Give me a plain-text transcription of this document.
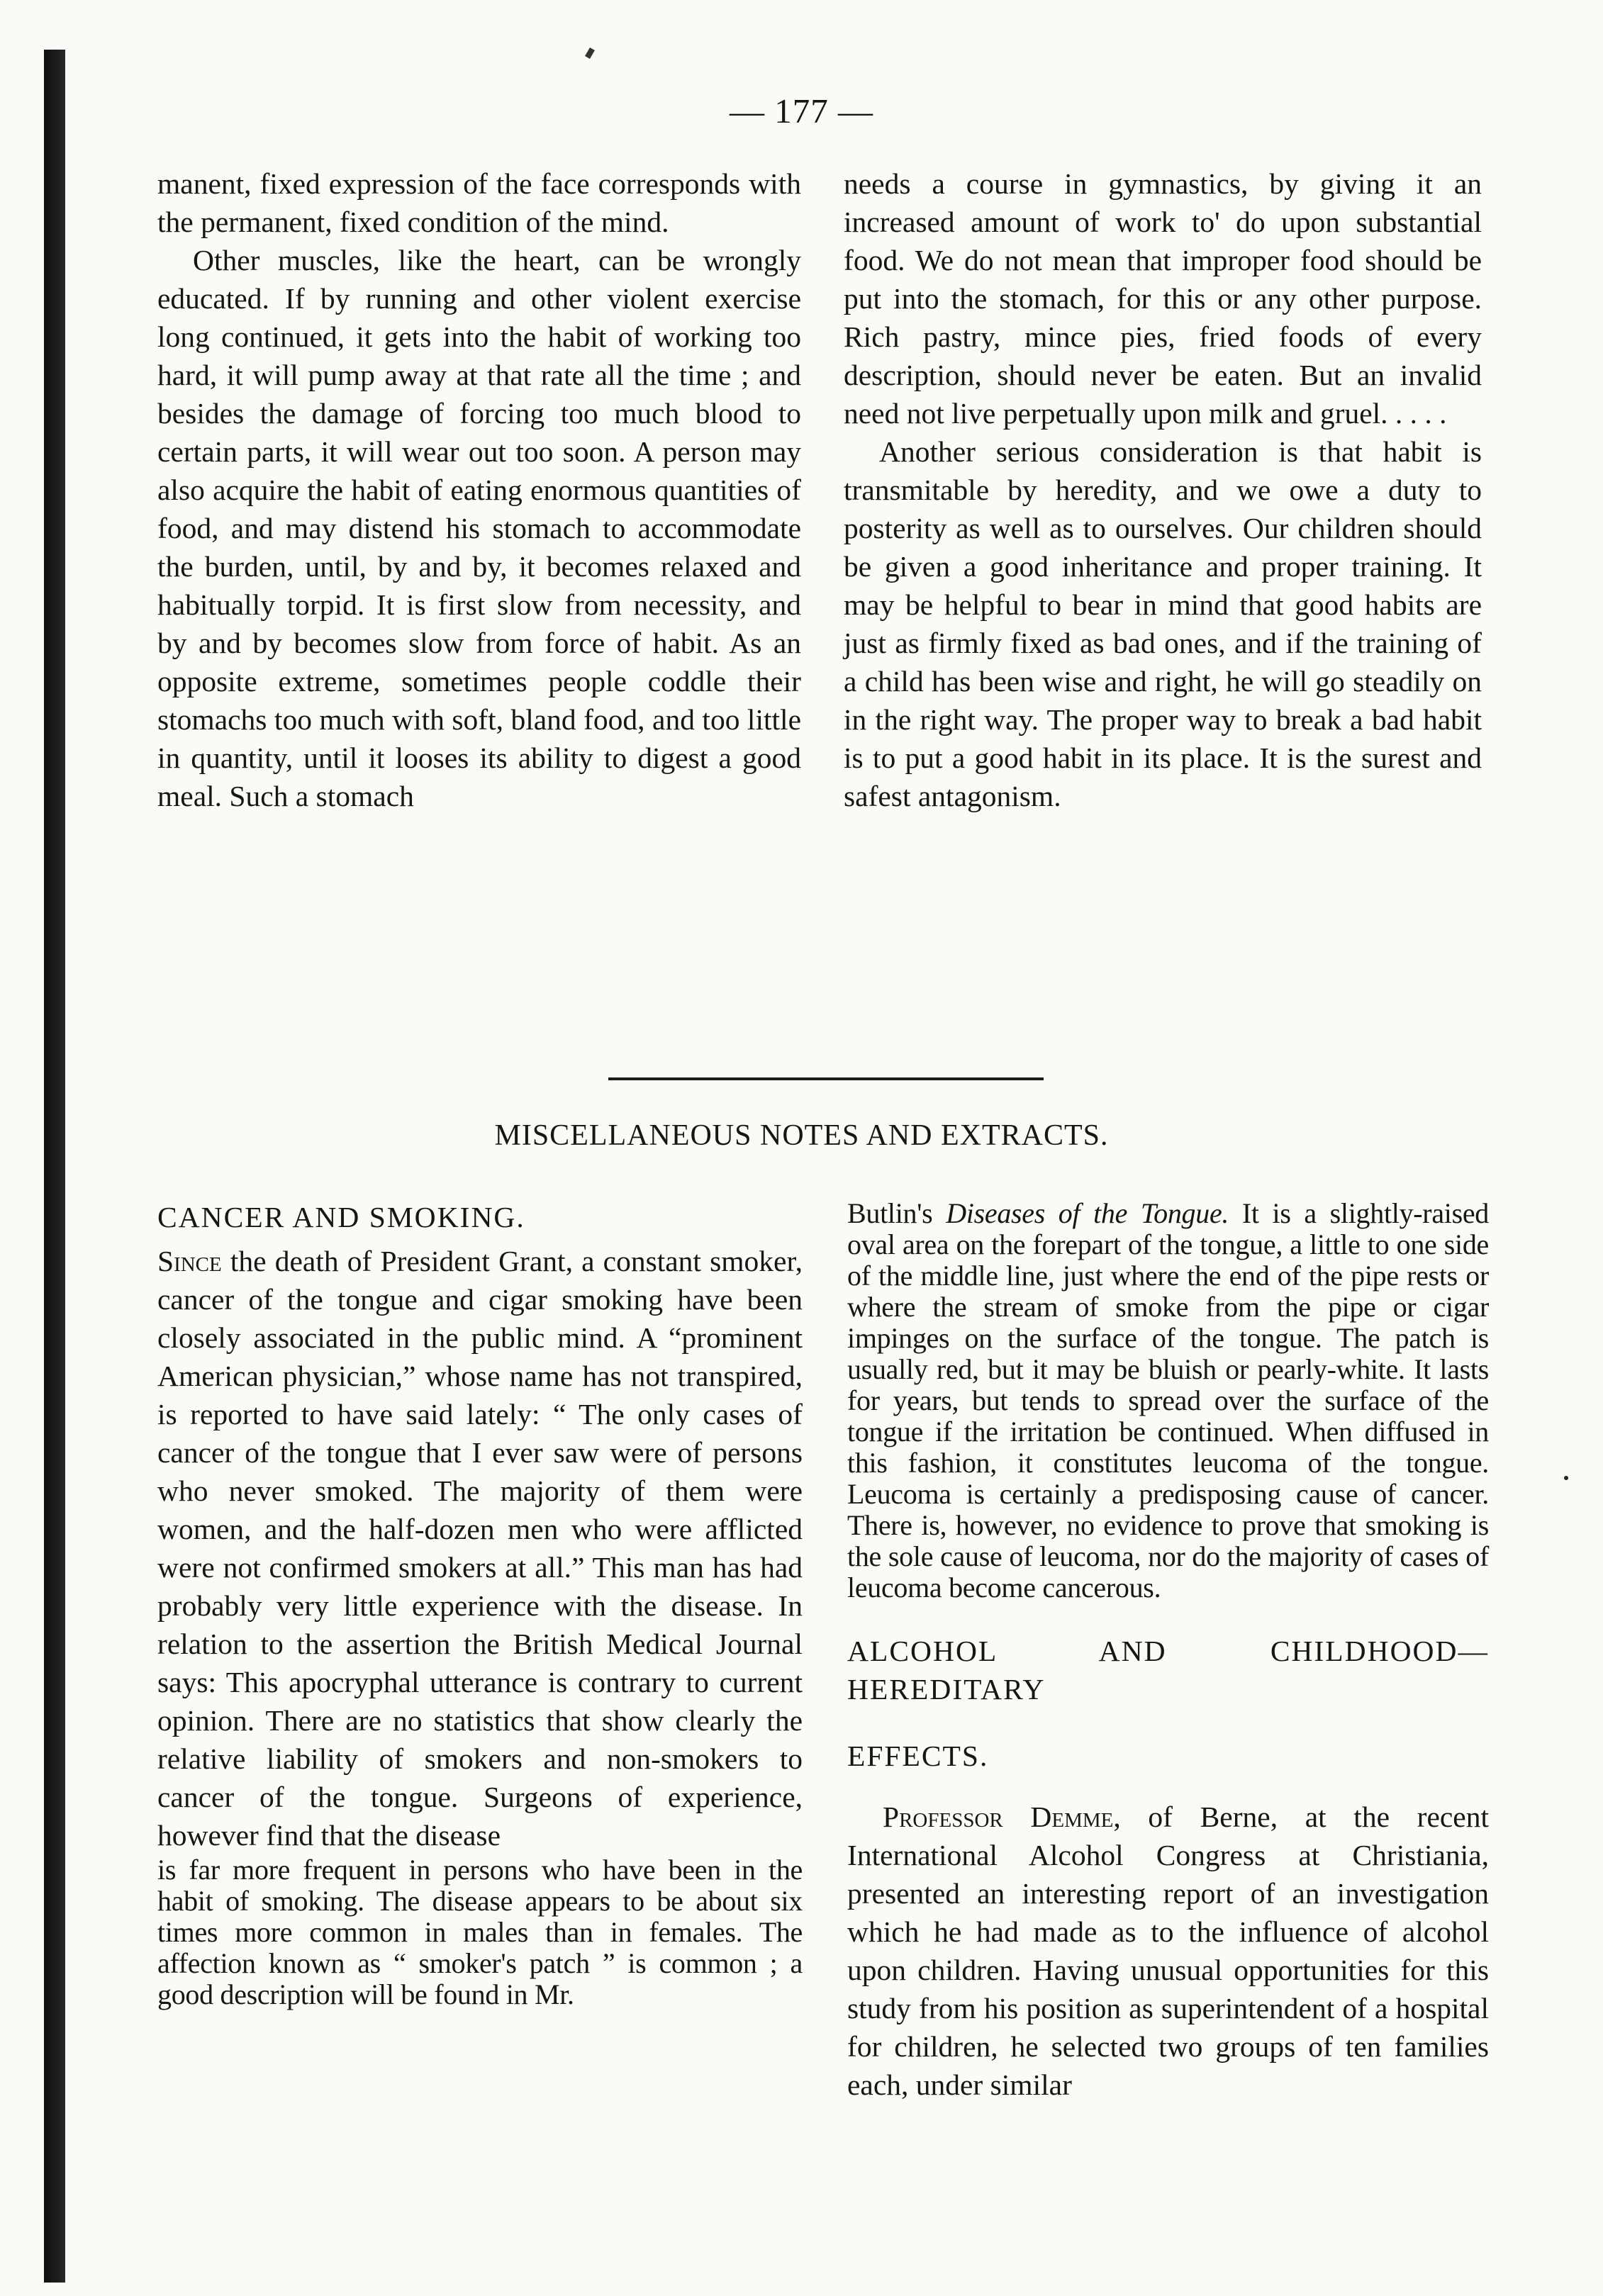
— 177 —

manent, fixed expression of the face corresponds with the permanent, fixed condition of the mind.

Other muscles, like the heart, can be wrongly educated. If by running and other violent exercise long continued, it gets into the habit of working too hard, it will pump away at that rate all the time ; and besides the damage of forcing too much blood to certain parts, it will wear out too soon. A person may also acquire the habit of eating enormous quantities of food, and may distend his stomach to accommodate the burden, until, by and by, it becomes relaxed and habitually torpid. It is first slow from necessity, and by and by becomes slow from force of habit. As an opposite extreme, sometimes people coddle their stomachs too much with soft, bland food, and too little in quantity, until it looses its ability to digest a good meal. Such a stomach

needs a course in gymnastics, by giving it an increased amount of work to' do upon substantial food. We do not mean that improper food should be put into the stomach, for this or any other purpose. Rich pastry, mince pies, fried foods of every description, should never be eaten. But an invalid need not live perpetually upon milk and gruel. . . . .

Another serious consideration is that habit is transmitable by heredity, and we owe a duty to posterity as well as to ourselves. Our children should be given a good inheritance and proper training. It may be helpful to bear in mind that good habits are just as firmly fixed as bad ones, and if the training of a child has been wise and right, he will go steadily on in the right way. The proper way to break a bad habit is to put a good habit in its place. It is the surest and safest antagonism.

MISCELLANEOUS NOTES AND EXTRACTS.

CANCER AND SMOKING.

Since the death of President Grant, a constant smoker, cancer of the tongue and cigar smoking have been closely associated in the public mind. A “prominent American physician,” whose name has not transpired, is reported to have said lately: “ The only cases of cancer of the tongue that I ever saw were of persons who never smoked. The majority of them were women, and the half-dozen men who were afflicted were not confirmed smokers at all.” This man has had probably very little experience with the disease. In relation to the assertion the British Medical Journal says: This apocryphal utterance is contrary to current opinion. There are no statistics that show clearly the relative liability of smokers and non-smokers to cancer of the tongue. Surgeons of experience, however find that the disease

is far more frequent in persons who have been in the habit of smoking. The disease appears to be about six times more common in males than in females. The affection known as “ smoker's patch ” is common ; a good description will be found in Mr.

Butlin's Diseases of the Tongue. It is a slightly-raised oval area on the forepart of the tongue, a little to one side of the middle line, just where the end of the pipe rests or where the stream of smoke from the pipe or cigar impinges on the surface of the tongue. The patch is usually red, but it may be bluish or pearly-white. It lasts for years, but tends to spread over the surface of the tongue if the irritation be continued. When diffused in this fashion, it constitutes leucoma of the tongue. Leucoma is certainly a predisposing cause of cancer. There is, however, no evidence to prove that smoking is the sole cause of leucoma, nor do the majority of cases of leucoma become cancerous.

ALCOHOL AND CHILDHOOD—HEREDITARY

EFFECTS.

Professor Demme, of Berne, at the recent International Alcohol Congress at Christiania, presented an interesting report of an investigation which he had made as to the influence of alcohol upon children. Having unusual opportunities for this study from his position as superintendent of a hospital for children, he selected two groups of ten families each, under similar
